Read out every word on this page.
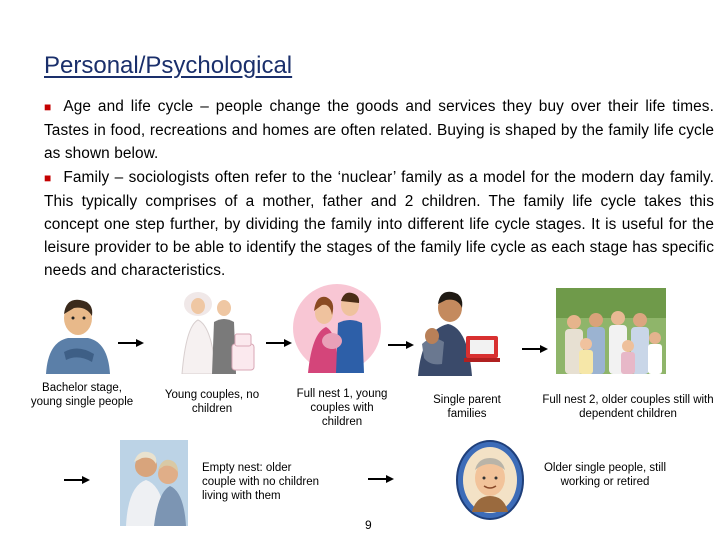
Personal/Psychological

■ Age and life cycle – people change the goods and services they buy over their life times. Tastes in food, recreations and homes are often related. Buying is shaped by the family life cycle as shown below.

■ Family – sociologists often refer to the ‘nuclear’ family as a model for the modern day family. This typically comprises of a mother, father and 2 children. The family life cycle takes this concept one step further, by dividing the family into different life cycle stages. It is useful for the leisure provider to be able to identify the stages of the family life cycle as each stage has specific needs and characteristics.

Bachelor stage, young single people
Young couples, no children
Full nest 1, young couples with children
Single parent families
Full nest 2, older couples still with dependent children
Empty nest: older couple with no children living with them
Older single people, still working or retired
9
